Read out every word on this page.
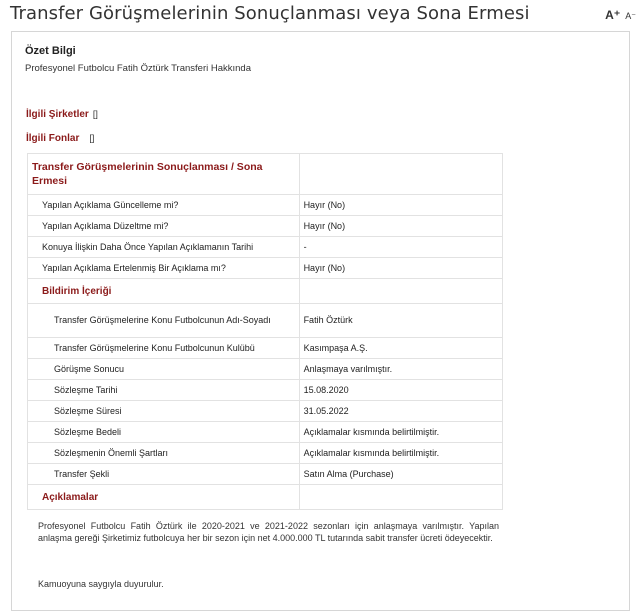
Transfer Görüşmelerinin Sonuçlanması veya Sona Ermesi	A⁺ A⁻
Özet Bilgi
Profesyonel Futbolcu Fatih Öztürk Transferi Hakkında
İlgili Şirketler []
İlgili Fonlar []
Transfer Görüşmelerinin Sonuçlanması / Sona Ermesi	
Yapılan Açıklama Güncelleme mi?	Hayır (No)
Yapılan Açıklama Düzeltme mi?	Hayır (No)
Konuya İlişkin Daha Önce Yapılan Açıklamanın Tarihi	-
Yapılan Açıklama Ertelenmiş Bir Açıklama mı?	Hayır (No)
Bildirim İçeriği	
Transfer Görüşmelerine Konu Futbolcunun Adı-Soyadı	Fatih Öztürk
Transfer Görüşmelerine Konu Futbolcunun Kulübü	Kasımpaşa A.Ş.
Görüşme Sonucu	Anlaşmaya varılmıştır.
Sözleşme Tarihi	15.08.2020
Sözleşme Süresi	31.05.2022
Sözleşme Bedeli	Açıklamalar kısmında belirtilmiştir.
Sözleşmenin Önemli Şartları	Açıklamalar kısmında belirtilmiştir.
Transfer Şekli	Satın Alma (Purchase)
Açıklamalar	
Profesyonel Futbolcu Fatih Öztürk ile 2020-2021 ve 2021-2022 sezonları için anlaşmaya varılmıştır. Yapılan anlaşma gereği Şirketimiz futbolcuya her bir sezon için net 4.000.000 TL tutarında sabit transfer ücreti ödeyecektir.
Kamuoyuna saygıyla duyurulur.
